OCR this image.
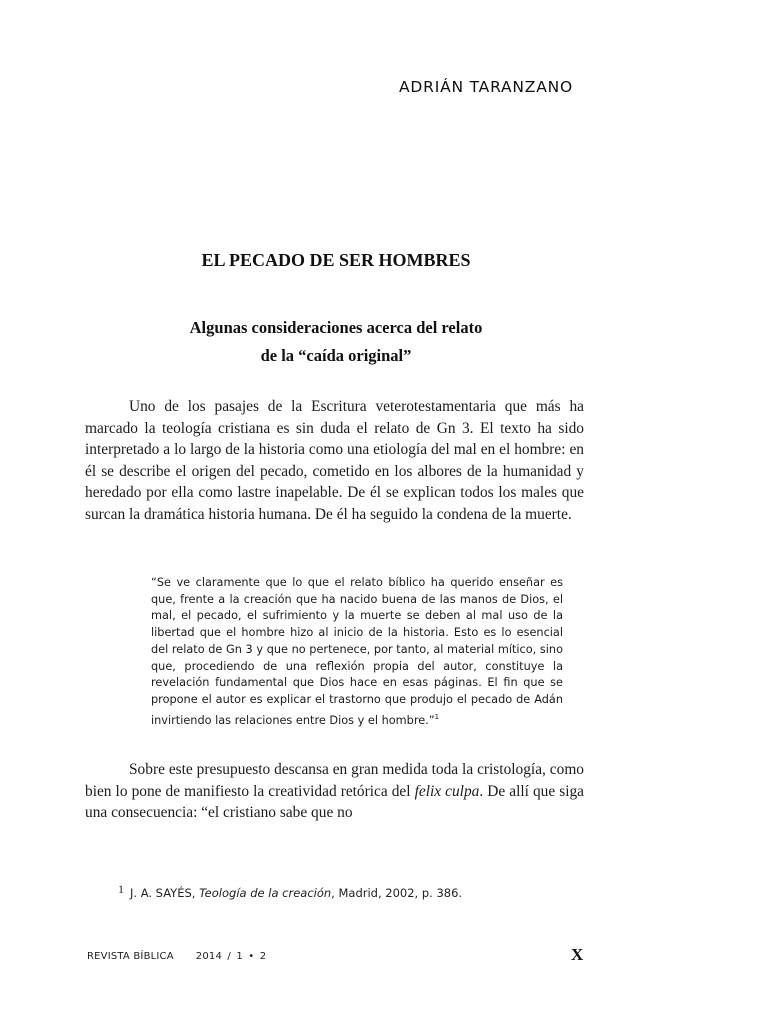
ADRIÁN TARANZANO
EL PECADO DE SER HOMBRES
Algunas consideraciones acerca del relato
de la “caída original”

Uno de los pasajes de la Escritura veterotestamentaria que más ha marcado la teología cristiana es sin duda el relato de Gn 3. El texto ha sido interpretado a lo largo de la historia como una etiología del mal en el hombre: en él se describe el origen del pecado, cometido en los albores de la humanidad y heredado por ella como lastre inapelable. De él se explican todos los males que surcan la dramática historia humana. De él ha seguido la condena de la muerte.

“Se ve claramente que lo que el relato bíblico ha querido enseñar es que, frente a la creación que ha nacido buena de las manos de Dios, el mal, el pecado, el sufrimiento y la muerte se deben al mal uso de la libertad que el hombre hizo al inicio de la historia. Esto es lo esencial del relato de Gn 3 y que no pertenece, por tanto, al material mítico, sino que, procediendo de una reflexión propia del autor, constituye la revelación fundamental que Dios hace en esas páginas. El fin que se propone el autor es explicar el trastorno que produjo el pecado de Adán invirtiendo las relaciones entre Dios y el hombre.”$^1$

Sobre este presupuesto descansa en gran medida toda la cristología, como bien lo pone de manifiesto la creatividad retórica del felix culpa. De allí que siga una consecuencia: “el cristiano sabe que no

1 J. A. SAYÉS, Teología de la creación, Madrid, 2002, p. 386.
REVISTA BÍBLICA 2014 / 1 • 2	X
